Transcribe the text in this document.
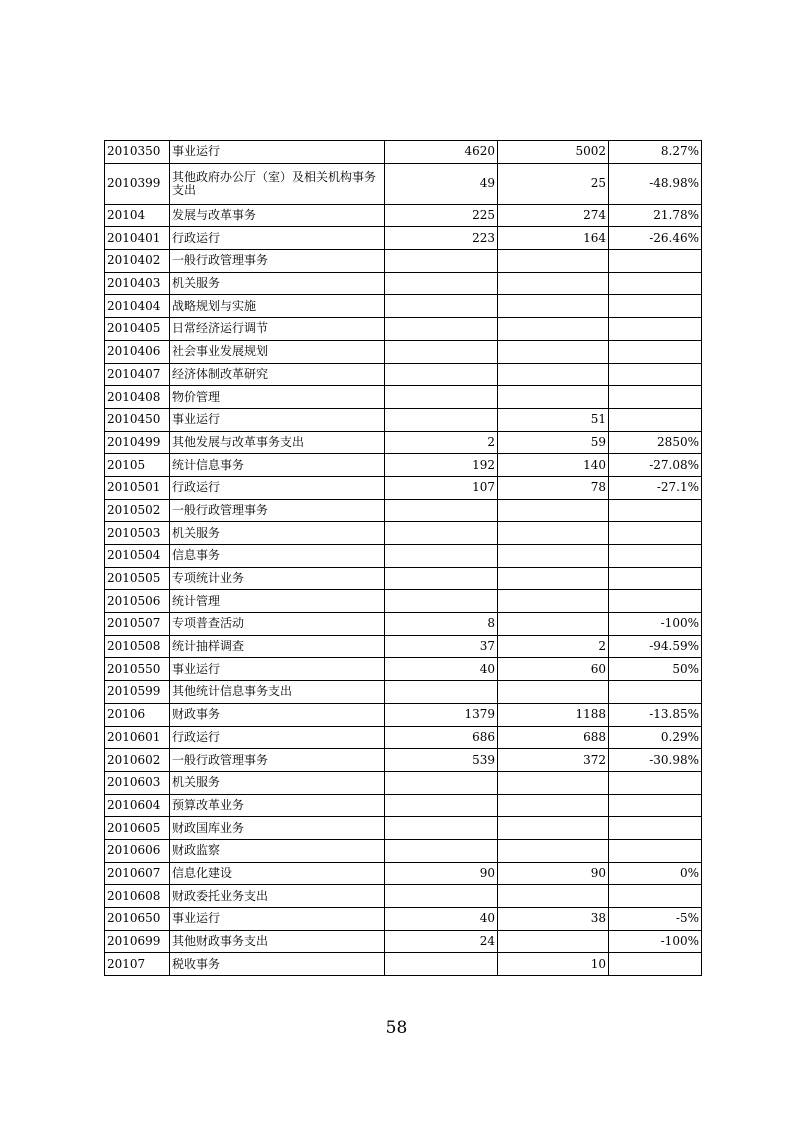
2010350	事业运行	4620	5002	8.27%
2010399	其他政府办公厅（室）及相关机构事务支出	49	25	-48.98%
20104	发展与改革事务	225	274	21.78%
2010401	行政运行	223	164	-26.46%
2010402	一般行政管理事务			
2010403	机关服务			
2010404	战略规划与实施			
2010405	日常经济运行调节			
2010406	社会事业发展规划			
2010407	经济体制改革研究			
2010408	物价管理			
2010450	事业运行		51	
2010499	其他发展与改革事务支出	2	59	2850%
20105	统计信息事务	192	140	-27.08%
2010501	行政运行	107	78	-27.1%
2010502	一般行政管理事务			
2010503	机关服务			
2010504	信息事务			
2010505	专项统计业务			
2010506	统计管理			
2010507	专项普查活动	8		-100%
2010508	统计抽样调查	37	2	-94.59%
2010550	事业运行	40	60	50%
2010599	其他统计信息事务支出			
20106	财政事务	1379	1188	-13.85%
2010601	行政运行	686	688	0.29%
2010602	一般行政管理事务	539	372	-30.98%
2010603	机关服务			
2010604	预算改革业务			
2010605	财政国库业务			
2010606	财政监察			
2010607	信息化建设	90	90	0%
2010608	财政委托业务支出			
2010650	事业运行	40	38	-5%
2010699	其他财政事务支出	24		-100%
20107	税收事务		10	
58
